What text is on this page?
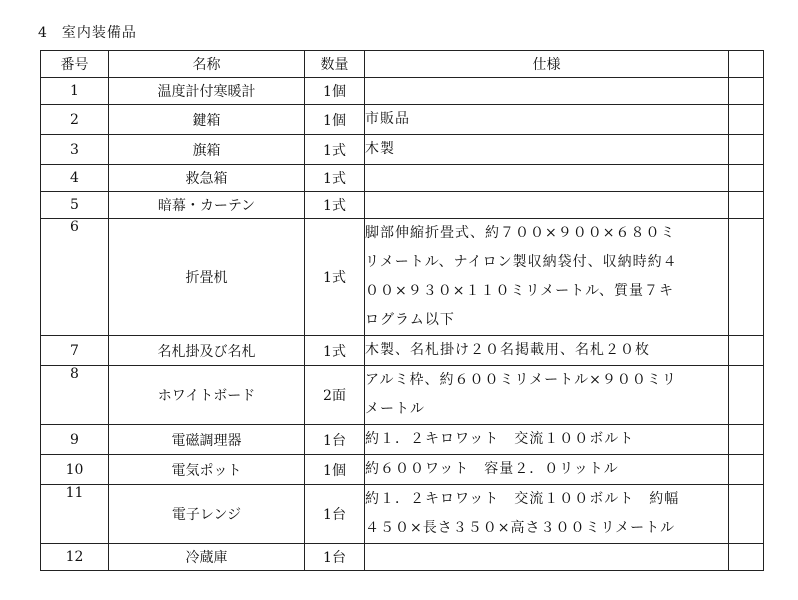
4 室内装備品
番号	名称	数量	仕様	
1	温度計付寒暖計	1個		
2	鍵箱	1個	市販品	

3	旗箱	1式	木製	

4	救急箱	1式		
5	暗幕・カーテン	1式		
6	折畳机	1式	脚部伸縮折畳式、約７００×９００×６８０ミ
リメートル、ナイロン製収納袋付、収納時約４
００×９３０×１１０ミリメートル、質量７キ
ログラム以下	

7	名札掛及び名札	1式	木製、名札掛け２０名掲載用、名札２０枚	

8	ホワイトボード	2面	アルミ枠、約６００ミリメートル×９００ミリ
メートル	

9	電磁調理器	1台	約１．２キロワット　交流１００ボルト	

10	電気ポット	1個	約６００ワット　容量２．０リットル	

11	電子レンジ	1台	約１．２キロワット　交流１００ボルト　約幅
４５０×長さ３５０×高さ３００ミリメートル	

12	冷蔵庫	1台		
